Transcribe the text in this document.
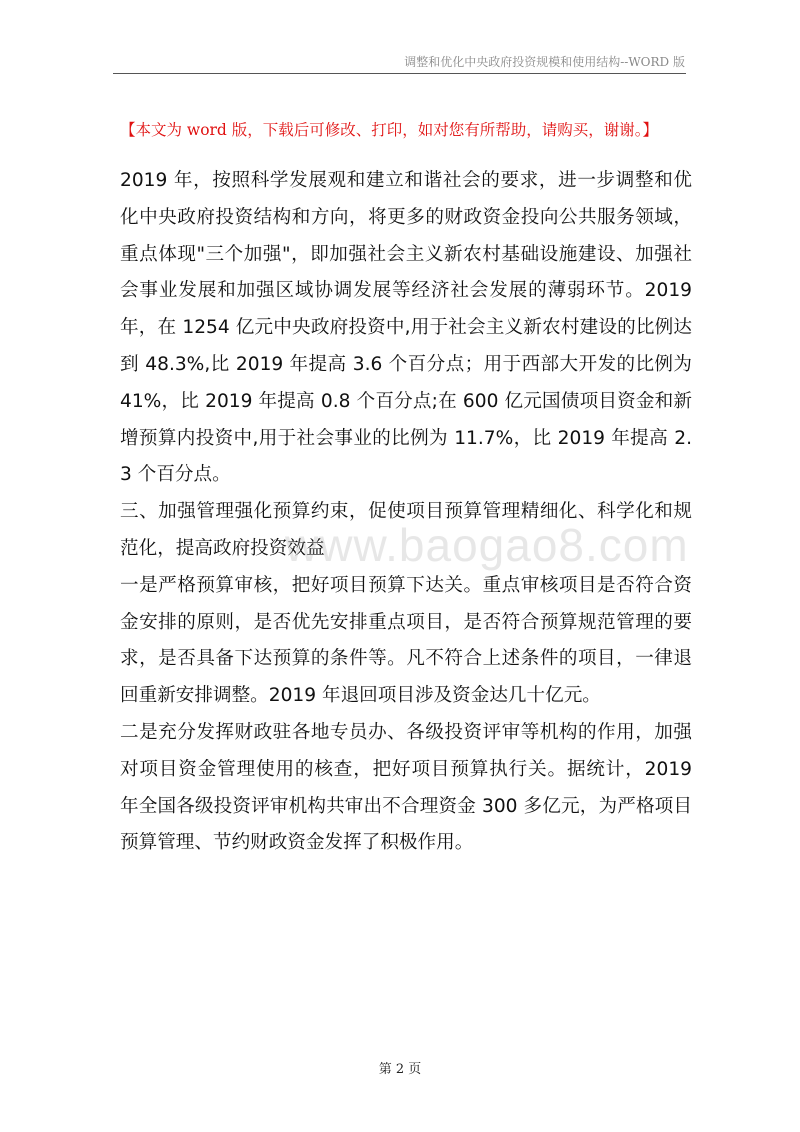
调整和优化中央政府投资规模和使用结构--WORD 版
【本文为 word 版，下载后可修改、打印，如对您有所帮助，请购买，谢谢。】

2019 年，按照科学发展观和建立和谐社会的要求，进一步调整和优化中央政府投资结构和方向，将更多的财政资金投向公共服务领域，重点体现"三个加强"，即加强社会主义新农村基础设施建设、加强社会事业发展和加强区域协调发展等经济社会发展的薄弱环节。2019 年，在 1254 亿元中央政府投资中,用于社会主义新农村建设的比例达到 48.3%,比 2019 年提高 3.6 个百分点；用于西部大开发的比例为 41%，比 2019 年提高 0.8 个百分点;在 600 亿元国债项目资金和新增预算内投资中,用于社会事业的比例为 11.7%，比 2019 年提高 2.3 个百分点。

三、加强管理强化预算约束，促使项目预算管理精细化、科学化和规范化，提高政府投资效益

一是严格预算审核，把好项目预算下达关。重点审核项目是否符合资金安排的原则，是否优先安排重点项目，是否符合预算规范管理的要求，是否具备下达预算的条件等。凡不符合上述条件的项目，一律退回重新安排调整。2019 年退回项目涉及资金达几十亿元。

二是充分发挥财政驻各地专员办、各级投资评审等机构的作用，加强对项目资金管理使用的核查，把好项目预算执行关。据统计，2019 年全国各级投资评审机构共审出不合理资金 300 多亿元，为严格项目预算管理、节约财政资金发挥了积极作用。

www.baogao8.com
第 2 页
